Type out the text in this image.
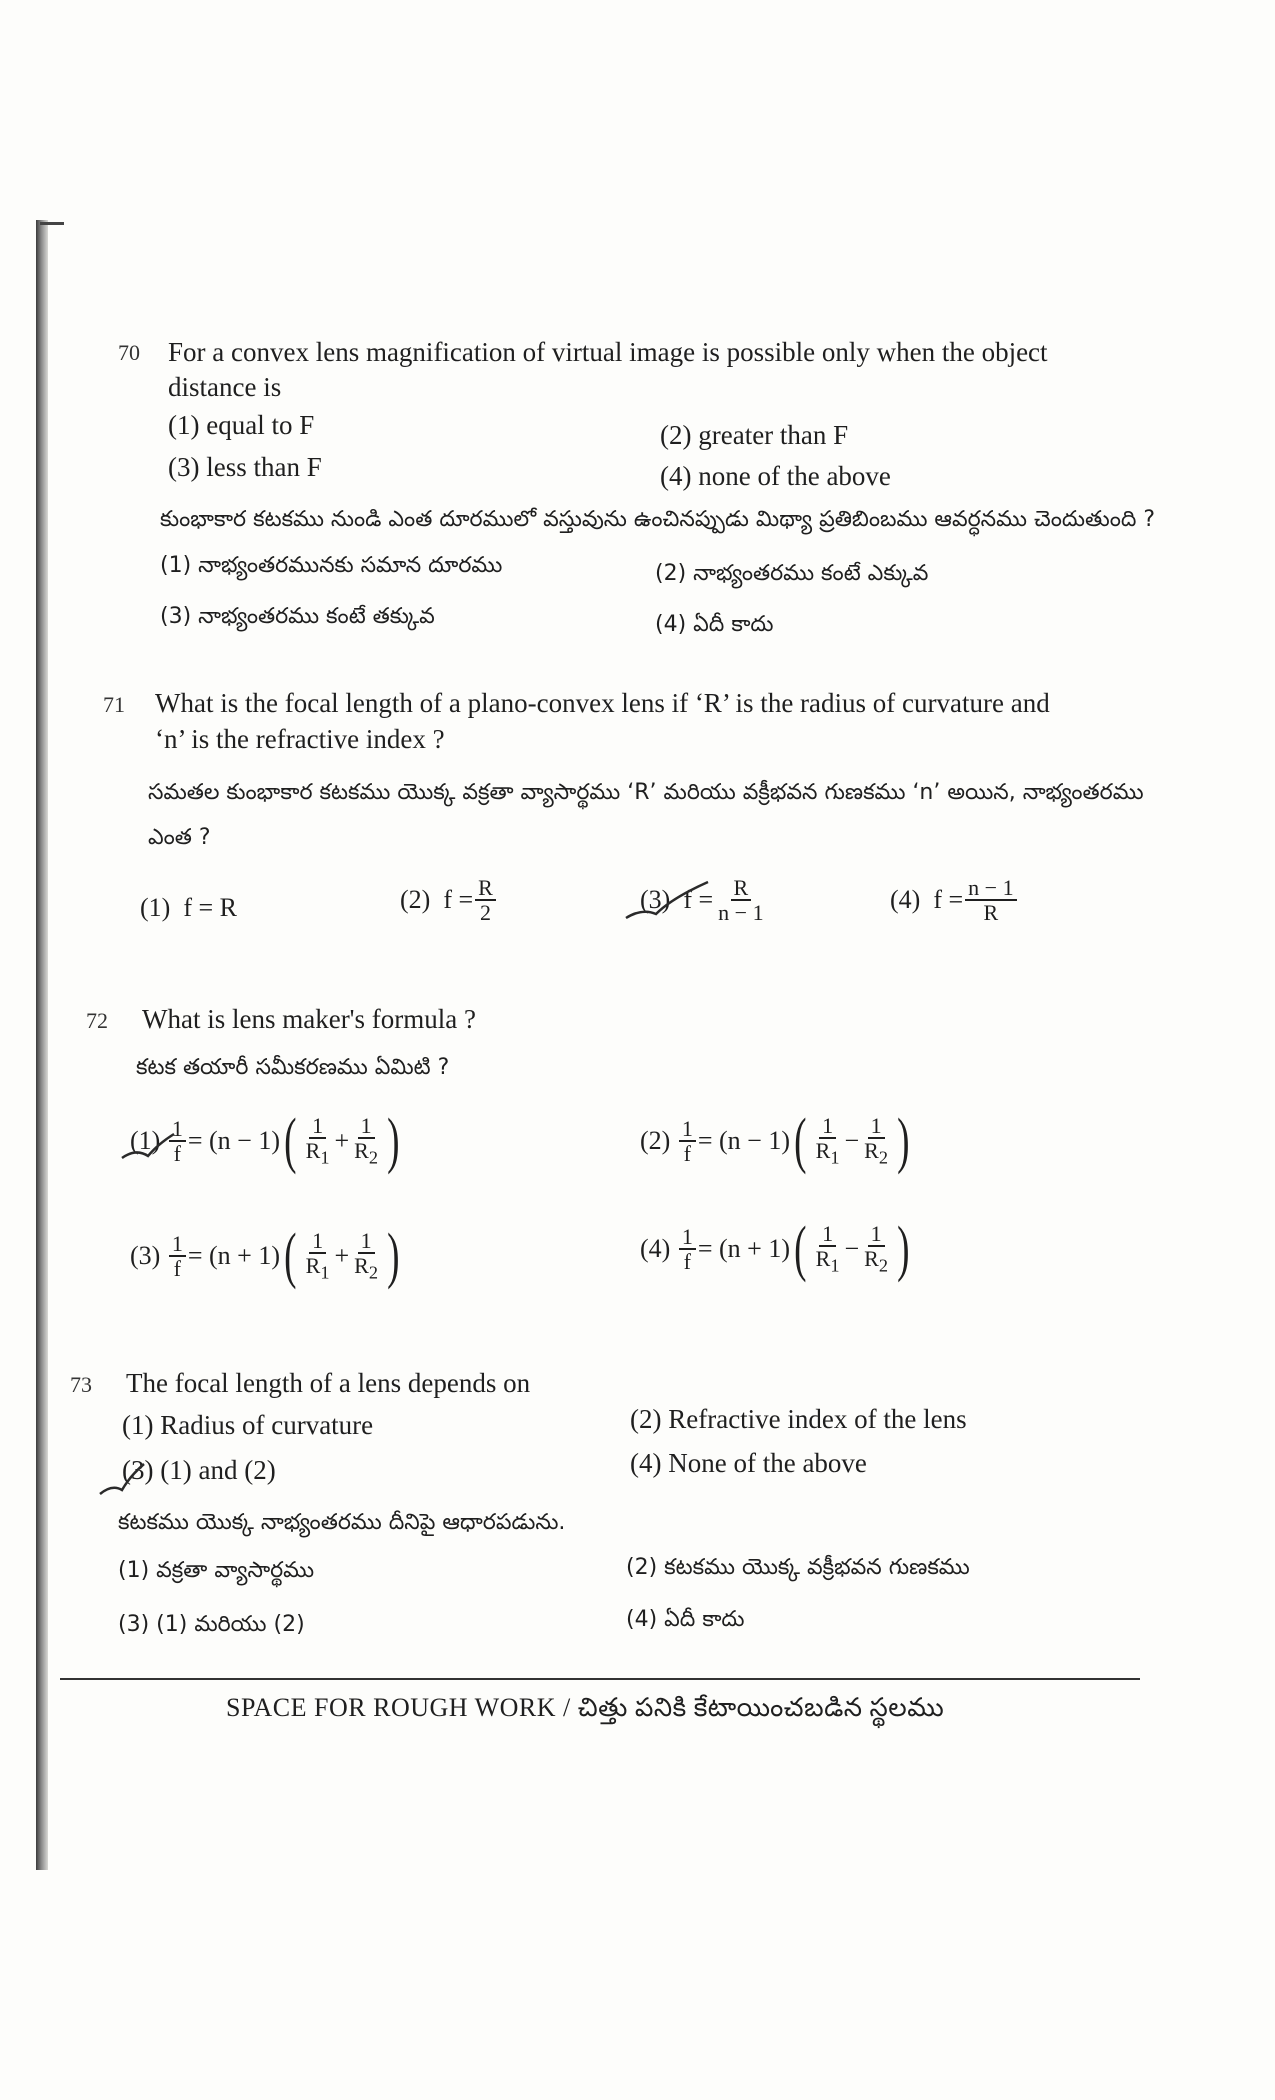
70 For a convex lens magnification of virtual image is possible only when the object
distance is
(1) equal to F	(2) greater than F
(3) less than F	(4) none of the above
కుంభాకార కటకము నుండి ఎంత దూరములో వస్తువును ఉంచినప్పుడు మిథ్యా ప్రతిబింబము ఆవర్ధనము చెందుతుంది ?
(1) నాభ్యంతరమునకు సమాన దూరము	(2) నాభ్యంతరము కంటే ఎక్కువ
(3) నాభ్యంతరము కంటే తక్కువ	(4) ఏదీ కాదు
71 What is the focal length of a plano-convex lens if ‘R’ is the radius of curvature and
‘n’ is the refractive index ?
సమతల కుంభాకార కటకము యొక్క వక్రతా వ్యాసార్థము ‘R’ మరియు వక్రీభవన గుణకము ‘n’ అయిన, నాభ్యంతరము
ఎంత ?
(1)
f = R	(2)
$f = \frac{R}{2}$	(3)
$f = \frac{R}{n - 1}$	(4)
$f = \frac{n - 1}{R}$
72 What is lens maker's formula ?
కటక తయారీ సమీకరణము ఏమిటి ?
(1)
$\frac{1}{f} = (n - 1)$ ( $\frac{1}{R_1} + \frac{1}{R_2}$ )	(2)
$\frac{1}{f} = (n - 1)$ ( $\frac{1}{R_1} - \frac{1}{R_2}$ )
(3)
$\frac{1}{f} = (n + 1)$ ( $\frac{1}{R_1} + \frac{1}{R_2}$ )	(4)
$\frac{1}{f} = (n + 1)$ ( $\frac{1}{R_1} - \frac{1}{R_2}$ )
73 The focal length of a lens depends on
(1) Radius of curvature	(2) Refractive index of the lens
(3) (1) and (2)	(4) None of the above
కటకము యొక్క నాభ్యంతరము దీనిపై ఆధారపడును.
(1) వక్రతా వ్యాసార్థము	(2) కటకము యొక్క వక్రీభవన గుణకము
(3) (1) మరియు (2)	(4) ఏదీ కాదు
SPACE FOR ROUGH WORK / చిత్తు పనికి కేటాయించబడిన స్థలము
